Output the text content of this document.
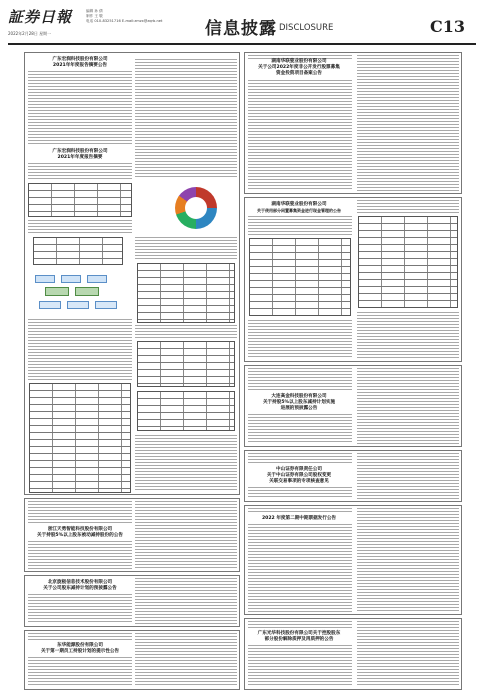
証券日報
2022年2月28日 星期一
编辑 孙 倩
制作 王 敬
电话 010-83251716 E-mail:zmzx@zqrb.net	信息披露 DISCLOSURE	C13
广东宏润科技股份有限公司
2021年年度报告摘要公告
广东宏润科技股份有限公司
2021年年度报告摘要
浙江天勇智能科技股份有限公司
关于持股5%以上股东被动减持股份的公告
北京旋极信息技术股份有限公司
关于公司股东减持计划的预披露公告
东华能源股份有限公司
关于第一期员工持股计划的提示性公告
湖南华联瓷业股份有限公司
关于公司2022年度非公开发行股票募集
资金投资项目备案公告
湖南华联瓷业股份有限公司
关于使用部分闲置募集资金进行现金管理的公告
大连高金科技股份有限公司
关于持股5%以上股东减持计划实施
进展的预披露公告
中山证券有限责任公司
关于中山证券有限公司股权变更
关联交易事项的专项核查意见
2022 年度第二期中期票据发行公告
广东光华科技股份有限公司关于控股股东
部分股份解除质押及再质押的公告
